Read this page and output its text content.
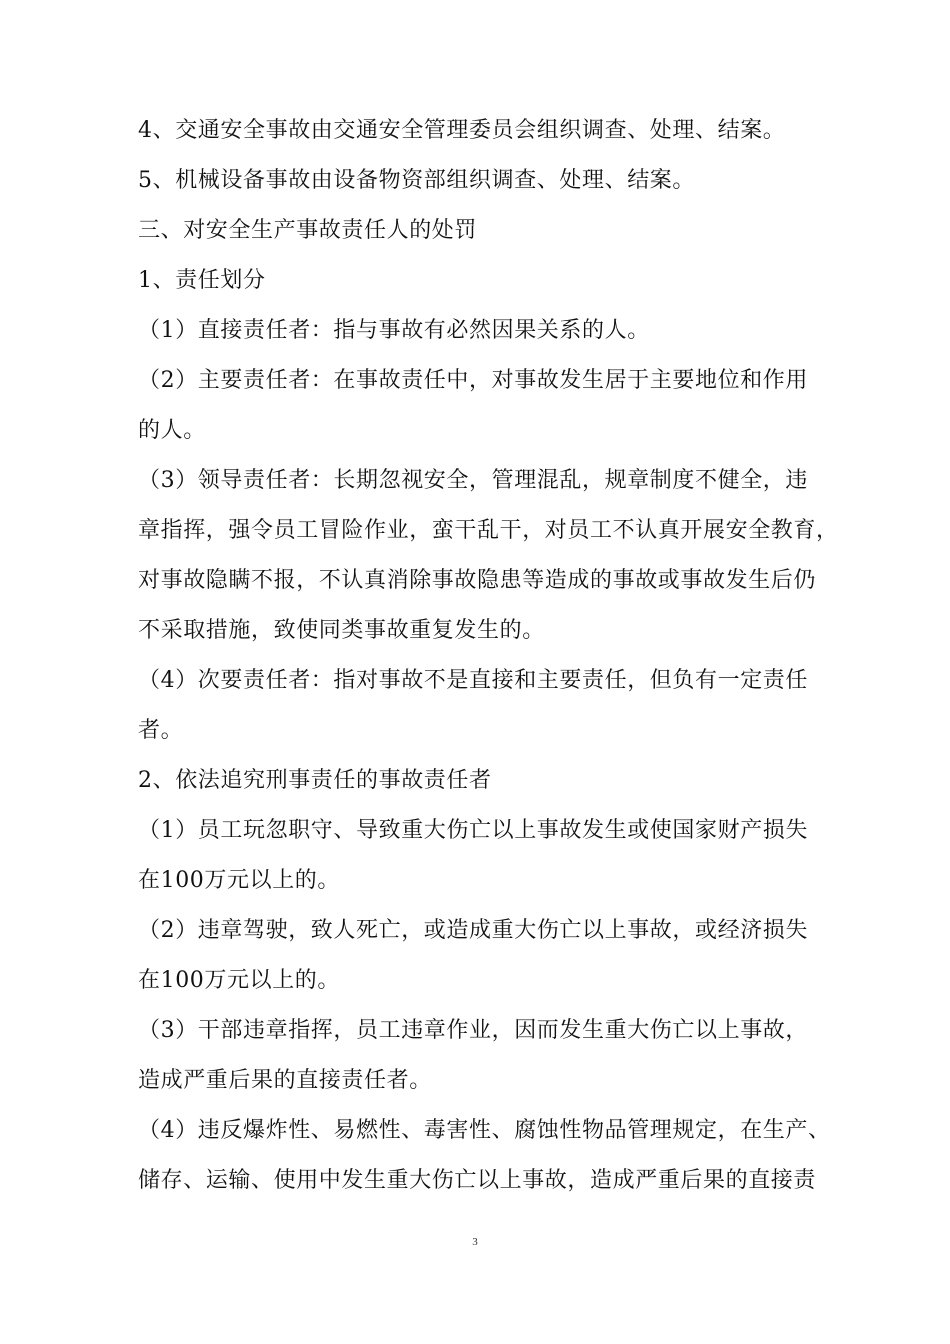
4、交通安全事故由交通安全管理委员会组织调查、处理、结案。
5、机械设备事故由设备物资部组织调查、处理、结案。
三、对安全生产事故责任人的处罚
1、责任划分
（1）直接责任者：指与事故有必然因果关系的人。
（2）主要责任者：在事故责任中，对事故发生居于主要地位和作用
的人。
（3）领导责任者：长期忽视安全，管理混乱，规章制度不健全，违
章指挥，强令员工冒险作业，蛮干乱干，对员工不认真开展安全教育，
对事故隐瞒不报，不认真消除事故隐患等造成的事故或事故发生后仍
不采取措施，致使同类事故重复发生的。
（4）次要责任者：指对事故不是直接和主要责任，但负有一定责任
者。
2、依法追究刑事责任的事故责任者
（1）员工玩忽职守、导致重大伤亡以上事故发生或使国家财产损失
在100万元以上的。
（2）违章驾驶，致人死亡，或造成重大伤亡以上事故，或经济损失
在100万元以上的。
（3）干部违章指挥，员工违章作业，因而发生重大伤亡以上事故，
造成严重后果的直接责任者。
（4）违反爆炸性、易燃性、毒害性、腐蚀性物品管理规定，在生产、
储存、运输、使用中发生重大伤亡以上事故，造成严重后果的直接责
3
